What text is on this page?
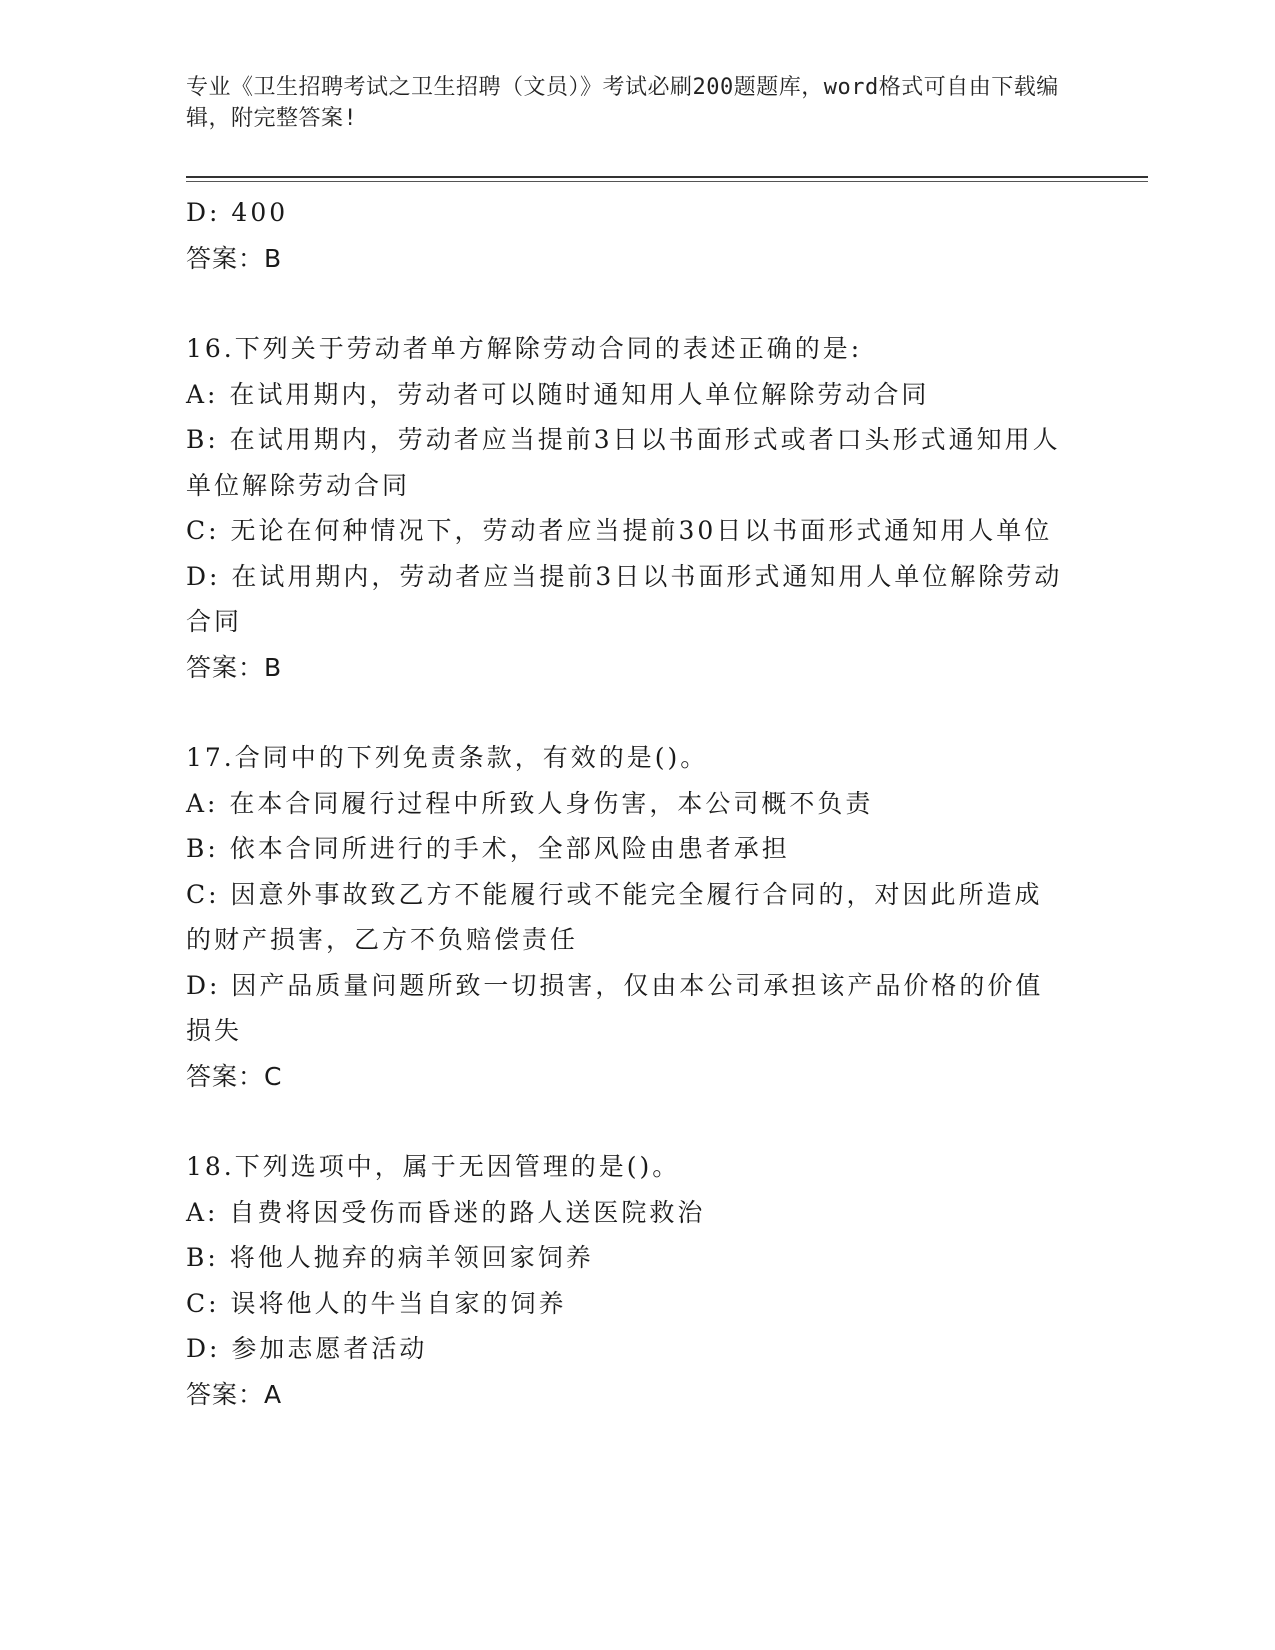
专业《卫生招聘考试之卫生招聘（文员）》考试必刷200题题库，word格式可自由下载编辑，附完整答案!
D: 400
答案：B
16.下列关于劳动者单方解除劳动合同的表述正确的是:
A: 在试用期内，劳动者可以随时通知用人单位解除劳动合同
B: 在试用期内，劳动者应当提前3日以书面形式或者口头形式通知用人单位解除劳动合同
C: 无论在何种情况下，劳动者应当提前30日以书面形式通知用人单位
D: 在试用期内，劳动者应当提前3日以书面形式通知用人单位解除劳动合同
答案：B
17.合同中的下列免责条款，有效的是()。
A: 在本合同履行过程中所致人身伤害，本公司概不负责
B: 依本合同所进行的手术，全部风险由患者承担
C: 因意外事故致乙方不能履行或不能完全履行合同的，对因此所造成的财产损害，乙方不负赔偿责任
D: 因产品质量问题所致一切损害，仅由本公司承担该产品价格的价值损失
答案：C
18.下列选项中，属于无因管理的是()。
A: 自费将因受伤而昏迷的路人送医院救治
B: 将他人抛弃的病羊领回家饲养
C: 误将他人的牛当自家的饲养
D: 参加志愿者活动
答案：A
